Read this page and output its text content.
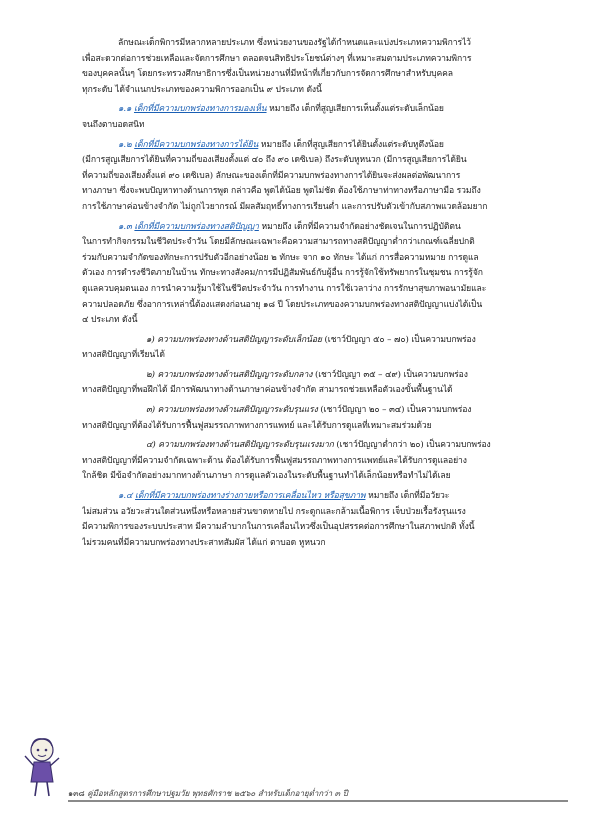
ลักษณะเด็กพิการมีหลากหลายประเภท ซึ่งหน่วยงานของรัฐได้กำหนดและแบ่งประเภทความพิการไว้
เพื่อสะดวกต่อการช่วยเหลือและจัดการศึกษา ตลอดจนสิทธิประโยชน์ต่างๆ ที่เหมาะสมตามประเภทความพิการ
ของบุคคลนั้นๆ โดยกระทรวงศึกษาธิการซึ่งเป็นหน่วยงานที่มีหน้าที่เกี่ยวกับการจัดการศึกษาสำหรับบุคคล
ทุกระดับ ได้จำแนกประเภทของความพิการออกเป็น ๙ ประเภท ดังนี้
๑.๑ เด็กที่มีความบกพร่องทางการมองเห็น หมายถึง เด็กที่สูญเสียการเห็นตั้งแต่ระดับเล็กน้อย
จนถึงตาบอดสนิท
๑.๒ เด็กที่มีความบกพร่องทางการได้ยิน หมายถึง เด็กที่สูญเสียการได้ยินตั้งแต่ระดับหูตึงน้อย
(มีการสูญเสียการได้ยินที่ความถี่ของเสียงตั้งแต่ ๔๐ ถึง ๙๐ เดซิเบล) ถึงระดับหูหนวก (มีการสูญเสียการได้ยิน
ที่ความถี่ของเสียงตั้งแต่ ๙๐ เดซิเบล) ลักษณะของเด็กที่มีความบกพร่องทางการได้ยินจะส่งผลต่อพัฒนาการ
ทางภาษา ซึ่งจะพบปัญหาทางด้านการพูด กล่าวคือ พูดได้น้อย พูดไม่ชัด ต้องใช้ภาษาท่าทางหรือภาษามือ รวมถึง
การใช้ภาษาค่อนข้างจำกัด ไม่ถูกไวยากรณ์ มีผลสัมฤทธิ์ทางการเรียนต่ำ และการปรับตัวเข้ากับสภาพแวดล้อมยาก
๑.๓ เด็กที่มีความบกพร่องทางสติปัญญา หมายถึง เด็กที่มีความจำกัดอย่างชัดเจนในการปฏิบัติตน
ในการทำกิจกรรมในชีวิตประจำวัน โดยมีลักษณะเฉพาะคือความสามารถทางสติปัญญาต่ำกว่าเกณฑ์เฉลี่ยปกติ
ร่วมกับความจำกัดของทักษะการปรับตัวอีกอย่างน้อย ๒ ทักษะ จาก ๑๐ ทักษะ ได้แก่ การสื่อความหมาย การดูแล
ตัวเอง การดำรงชีวิตภายในบ้าน ทักษะทางสังคม/การมีปฏิสัมพันธ์กับผู้อื่น การรู้จักใช้ทรัพยากรในชุมชน การรู้จัก
ดูแลควบคุมตนเอง การนำความรู้มาใช้ในชีวิตประจำวัน การทำงาน การใช้เวลาว่าง การรักษาสุขภาพอนามัยและ
ความปลอดภัย ซึ่งอาการเหล่านี้ต้องแสดงก่อนอายุ ๑๘ ปี โดยประเภทของความบกพร่องทางสติปัญญาแบ่งได้เป็น
๔ ประเภท ดังนี้
๑) ความบกพร่องทางด้านสติปัญญาระดับเล็กน้อย (เชาว์ปัญญา ๕๐ – ๗๐) เป็นความบกพร่อง
ทางสติปัญญาที่เรียนได้
๒) ความบกพร่องทางด้านสติปัญญาระดับกลาง (เชาว์ปัญญา ๓๕ – ๔๙) เป็นความบกพร่อง
ทางสติปัญญาที่พอฝึกได้ มีการพัฒนาทางด้านภาษาค่อนข้างจำกัด สามารถช่วยเหลือตัวเองขั้นพื้นฐานได้
๓) ความบกพร่องทางด้านสติปัญญาระดับรุนแรง (เชาว์ปัญญา ๒๐ – ๓๔) เป็นความบกพร่อง
ทางสติปัญญาที่ต้องได้รับการฟื้นฟูสมรรถภาพทางการแพทย์ และได้รับการดูแลที่เหมาะสมร่วมด้วย
๔) ความบกพร่องทางด้านสติปัญญาระดับรุนแรงมาก (เชาว์ปัญญาต่ำกว่า ๒๐) เป็นความบกพร่อง
ทางสติปัญญาที่มีความจำกัดเฉพาะด้าน ต้องได้รับการฟื้นฟูสมรรถภาพทางการแพทย์และได้รับการดูแลอย่าง
ใกล้ชิด มีข้อจำกัดอย่างมากทางด้านภาษา การดูแลตัวเองในระดับพื้นฐานทำได้เล็กน้อยหรือทำไม่ได้เลย
๑.๔ เด็กที่มีความบกพร่องทางร่างกายหรือการเคลื่อนไหว หรือสุขภาพ หมายถึง เด็กที่มีอวัยวะ
ไม่สมส่วน อวัยวะส่วนใดส่วนหนึ่งหรือหลายส่วนขาดหายไป กระดูกและกล้ามเนื้อพิการ เจ็บป่วยเรื้อรังรุนแรง
มีความพิการของระบบประสาท มีความลำบากในการเคลื่อนไหวซึ่งเป็นอุปสรรคต่อการศึกษาในสภาพปกติ ทั้งนี้
ไม่รวมคนที่มีความบกพร่องทางประสาทสัมผัส ได้แก่ ตาบอด หูหนวก
๑๓๘ คู่มือหลักสูตรการศึกษาปฐมวัย พุทธศักราช ๒๕๖๐ สำหรับเด็กอายุต่ำกว่า ๓ ปี
